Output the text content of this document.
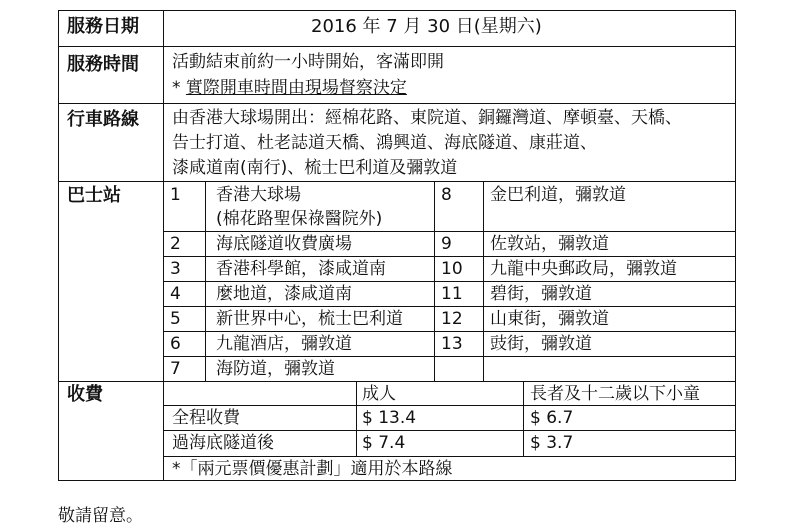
服務日期	2016 年 7 月 30 日(星期六)
服務時間 活動結束前約一小時開始，客滿即開
* 實際開車時間由現場督察決定
行車路線 由香港大球場開出：經棉花路、東院道、銅鑼灣道、摩頓臺、天橋、
告士打道、杜老誌道天橋、鴻興道、海底隧道、康莊道、
漆咸道南(南行)、梳士巴利道及彌敦道
巴士站	1 香港大球場
(棉花路聖保祿醫院外)
2 海底隧道收費廣場
3 香港科學館，漆咸道南
4 麼地道，漆咸道南
5 新世界中心，梳士巴利道
6 九龍酒店，彌敦道
7 海防道，彌敦道
8 金巴利道，彌敦道
9 佐敦站，彌敦道
10 九龍中央郵政局，彌敦道
11 碧街，彌敦道
12 山東街，彌敦道
13 豉街，彌敦道
收費	成人	長者及十二歲以下小童
全程收費	$ 13.4	$ 6.7
過海底隧道後	$ 7.4	$ 3.7
*「兩元票價優惠計劃」適用於本路線
敬請留意。
